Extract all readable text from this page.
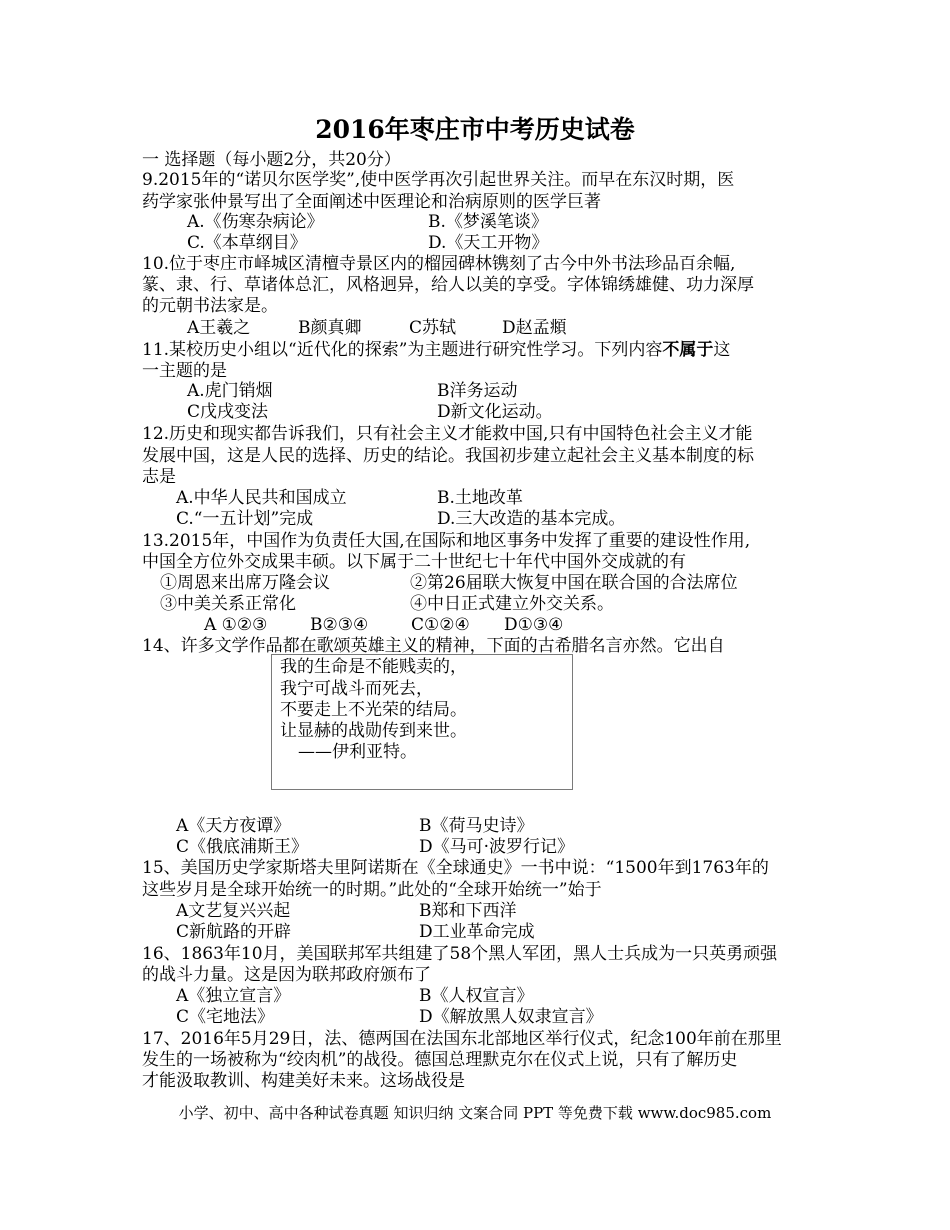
2016年枣庄市中考历史试卷
一 选择题（每小题2分，共20分）
9.2015年的“诺贝尔医学奖”,使中医学再次引起世界关注。而早在东汉时期，医
药学家张仲景写出了全面阐述中医理论和治病原则的医学巨著
A.《伤寒杂病论》	B.《梦溪笔谈》
C.《本草纲目》	D.《天工开物》
10.位于枣庄市峄城区清檀寺景区内的榴园碑林镌刻了古今中外书法珍品百余幅,
篆、隶、行、草诸体总汇，风格迥异，给人以美的享受。字体锦绣雄健、功力深厚
的元朝书法家是。
A王羲之	B颜真卿	C苏轼	D赵孟頫
11.某校历史小组以“近代化的探索”为主题进行研究性学习。下列内容不属于这
一主题的是
A.虎门销烟	B洋务运动
C戊戌变法	D新文化运动。
12.历史和现实都告诉我们，只有社会主义才能救中国,只有中国特色社会主义才能
发展中国，这是人民的选择、历史的结论。我国初步建立起社会主义基本制度的标
志是
A.中华人民共和国成立	B.土地改革
C.“一五计划”完成	D.三大改造的基本完成。
13.2015年，中国作为负责任大国,在国际和地区事务中发挥了重要的建设性作用,
中国全方位外交成果丰硕。以下属于二十世纪七十年代中国外交成就的有
①周恩来出席万隆会议	②第26届联大恢复中国在联合国的合法席位
③中美关系正常化	④中日正式建立外交关系。
A ①②③	B②③④	C①②④ D①③④
14、许多文学作品都在歌颂英雄主义的精神，下面的古希腊名言亦然。它出自
我的生命是不能贱卖的，
我宁可战斗而死去，
不要走上不光荣的结局。
让显赫的战勋传到来世。
——伊利亚特。
A《天方夜谭》	B《荷马史诗》
C《俄底浦斯王》	D《马可·波罗行记》
15、美国历史学家斯塔夫里阿诺斯在《全球通史》一书中说：“1500年到1763年的
这些岁月是全球开始统一的时期。”此处的“全球开始统一”始于
A文艺复兴兴起	B郑和下西洋
C新航路的开辟	D工业革命完成
16、1863年10月，美国联邦军共组建了58个黑人军团，黑人士兵成为一只英勇顽强
的战斗力量。这是因为联邦政府颁布了
A《独立宣言》	B《人权宣言》
C《宅地法》	D《解放黑人奴隶宣言》
17、2016年5月29日，法、德两国在法国东北部地区举行仪式，纪念100年前在那里
发生的一场被称为“绞肉机”的战役。德国总理默克尔在仪式上说，只有了解历史
才能汲取教训、构建美好未来。这场战役是
小学、初中、高中各种试卷真题 知识归纳 文案合同 PPT 等免费下载 www.doc985.com
